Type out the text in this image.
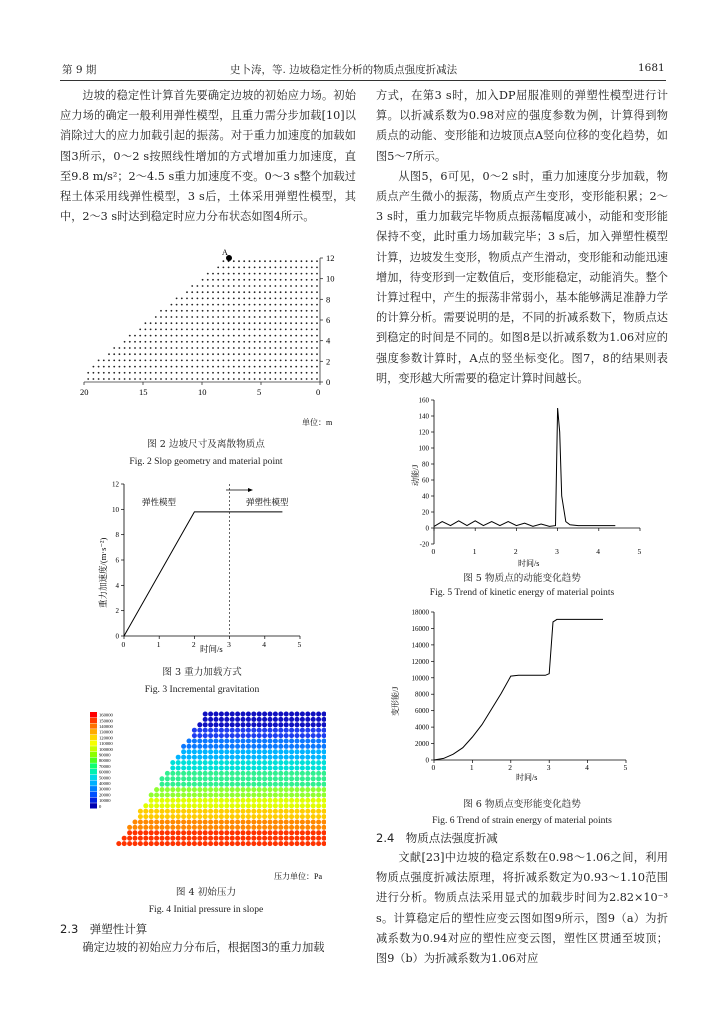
第 9 期	史卜涛，等. 边坡稳定性分析的物质点强度折减法	1681

边坡的稳定性计算首先要确定边坡的初始应力场。初始应力场的确定一般利用弹性模型，且重力需分步加载[10]以消除过大的应力加载引起的振荡。对于重力加速度的加载如图3所示，0～2 s按照线性增加的方式增加重力加速度，直至9.8 m/s²；2～4.5 s重力加速度不变。0～3 s整个加载过程土体采用线弹性模型，3 s后，土体采用弹塑性模型，其中，2～3 s时达到稳定时应力分布状态如图4所示。

A
20	15	10	5	0
0
2
4
6
8
10
12
单位：m
图 2 边坡尺寸及离散物质点
Fig. 2 Slop geometry and material point
弹性模型	弹塑性模型
0	1	2	3	4	5
0
2
4
6
8
10
12
重力加速度/(m·s⁻²)
时间/s
图 3 重力加载方式
Fig. 3 Incremental gravitation
160000
150000
140000
130000
120000
110000
100000
90000
80000
70000
60000
50000
40000
30000
20000
10000
0
压力单位：Pa
图 4 初始压力
Fig. 4 Initial pressure in slope
2.3　弹塑性计算

确定边坡的初始应力分布后，根据图3的重力加载

方式，在第3 s时，加入DP屈服准则的弹塑性模型进行计算。以折减系数为0.98对应的强度参数为例，计算得到物质点的动能、变形能和边坡顶点A竖向位移的变化趋势，如图5～7所示。

从图5，6可见，0～2 s时，重力加速度分步加载，物质点产生微小的振荡，物质点产生变形，变形能积累；2～3 s时，重力加载完毕物质点振荡幅度减小，动能和变形能保持不变，此时重力场加载完毕；3 s后，加入弹塑性模型计算，边坡发生变形，物质点产生滑动，变形能和动能迅速增加，待变形到一定数值后，变形能稳定，动能消失。整个计算过程中，产生的振荡非常弱小，基本能够满足准静力学的计算分析。需要说明的是，不同的折减系数下，物质点达到稳定的时间是不同的。如图8是以折减系数为1.06对应的强度参数计算时，A点的竖坐标变化。图7，8的结果则表明，变形越大所需要的稳定计算时间越长。

0	1	2	3	4	5
-20
0
20
40
60
80
100
120
140
160
动能/J
时间/s
图 5 物质点的动能变化趋势
Fig. 5 Trend of kinetic energy of material points
0	1	2	3	4	5
0
2000
4000
6000
8000
10000
12000
14000
16000
18000
变形能/J
时间/s
图 6 物质点变形能变化趋势
Fig. 6 Trend of strain energy of material points
2.4　物质点法强度折减

文献[23]中边坡的稳定系数在0.98～1.06之间，利用物质点强度折减法原理，将折减系数定为0.93～1.10范围进行分析。物质点法采用显式的加载步时间为2.82×10⁻³ s。计算稳定后的塑性应变云图如图9所示，图9（a）为折减系数为0.94对应的塑性应变云图，塑性区贯通至坡顶；图9（b）为折减系数为1.06对应
